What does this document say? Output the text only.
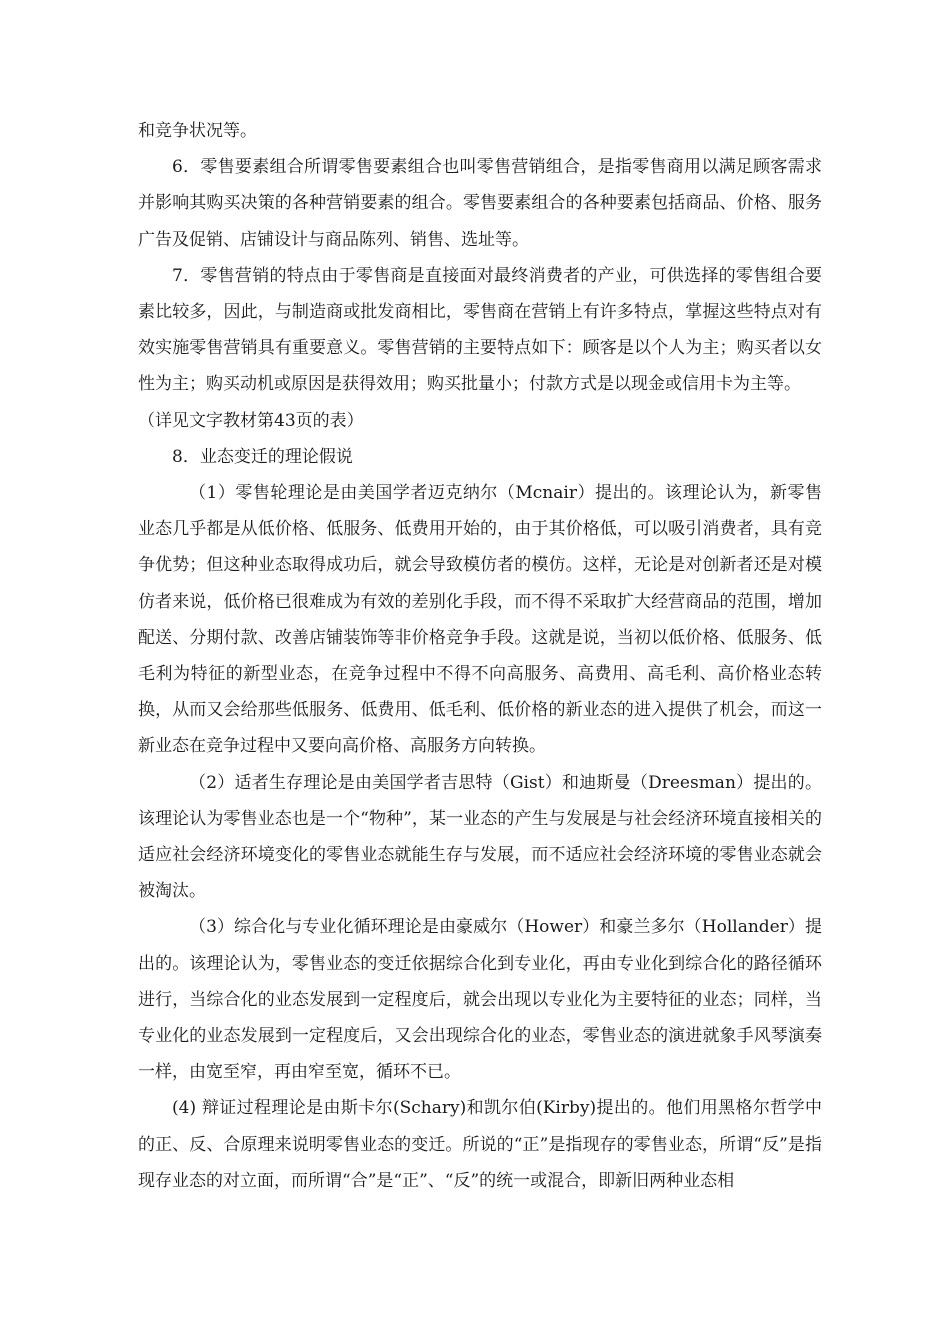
和竞争状况等。

6．零售要素组合所谓零售要素组合也叫零售营销组合，是指零售商用以满足顾客需求并影响其购买决策的各种营销要素的组合。零售要素组合的各种要素包括商品、价格、服务广告及促销、店铺设计与商品陈列、销售、选址等。

7．零售营销的特点由于零售商是直接面对最终消费者的产业，可供选择的零售组合要素比较多，因此，与制造商或批发商相比，零售商在营销上有许多特点，掌握这些特点对有效实施零售营销具有重要意义。零售营销的主要特点如下：顾客是以个人为主；购买者以女性为主；购买动机或原因是获得效用；购买批量小；付款方式是以现金或信用卡为主等。

（详见文字教材第43页的表）

8．业态变迁的理论假说

（1）零售轮理论是由美国学者迈克纳尔（Mcnair）提出的。该理论认为，新零售业态几乎都是从低价格、低服务、低费用开始的，由于其价格低，可以吸引消费者，具有竞争优势；但这种业态取得成功后，就会导致模仿者的模仿。这样，无论是对创新者还是对模仿者来说，低价格已很难成为有效的差别化手段，而不得不采取扩大经营商品的范围，增加配送、分期付款、改善店铺装饰等非价格竞争手段。这就是说，当初以低价格、低服务、低毛利为特征的新型业态，在竞争过程中不得不向高服务、高费用、高毛利、高价格业态转换，从而又会给那些低服务、低费用、低毛利、低价格的新业态的进入提供了机会，而这一新业态在竞争过程中又要向高价格、高服务方向转换。

（2）适者生存理论是由美国学者吉思特（Gist）和迪斯曼（Dreesman）提出的。该理论认为零售业态也是一个“物种”，某一业态的产生与发展是与社会经济环境直接相关的适应社会经济环境变化的零售业态就能生存与发展，而不适应社会经济环境的零售业态就会被淘汰。

（3）综合化与专业化循环理论是由豪威尔（Hower）和豪兰多尔（Hollander）提出的。该理论认为，零售业态的变迁依据综合化到专业化，再由专业化到综合化的路径循环进行，当综合化的业态发展到一定程度后，就会出现以专业化为主要特征的业态；同样，当专业化的业态发展到一定程度后，又会出现综合化的业态，零售业态的演进就象手风琴演奏一样，由宽至窄，再由窄至宽，循环不已。

(4) 辩证过程理论是由斯卡尔(Schary)和凯尔伯(Kirby)提出的。他们用黑格尔哲学中的正、反、合原理来说明零售业态的变迁。所说的“正”是指现存的零售业态，所谓“反”是指现存业态的对立面，而所谓“合”是“正”、“反”的统一或混合，即新旧两种业态相
